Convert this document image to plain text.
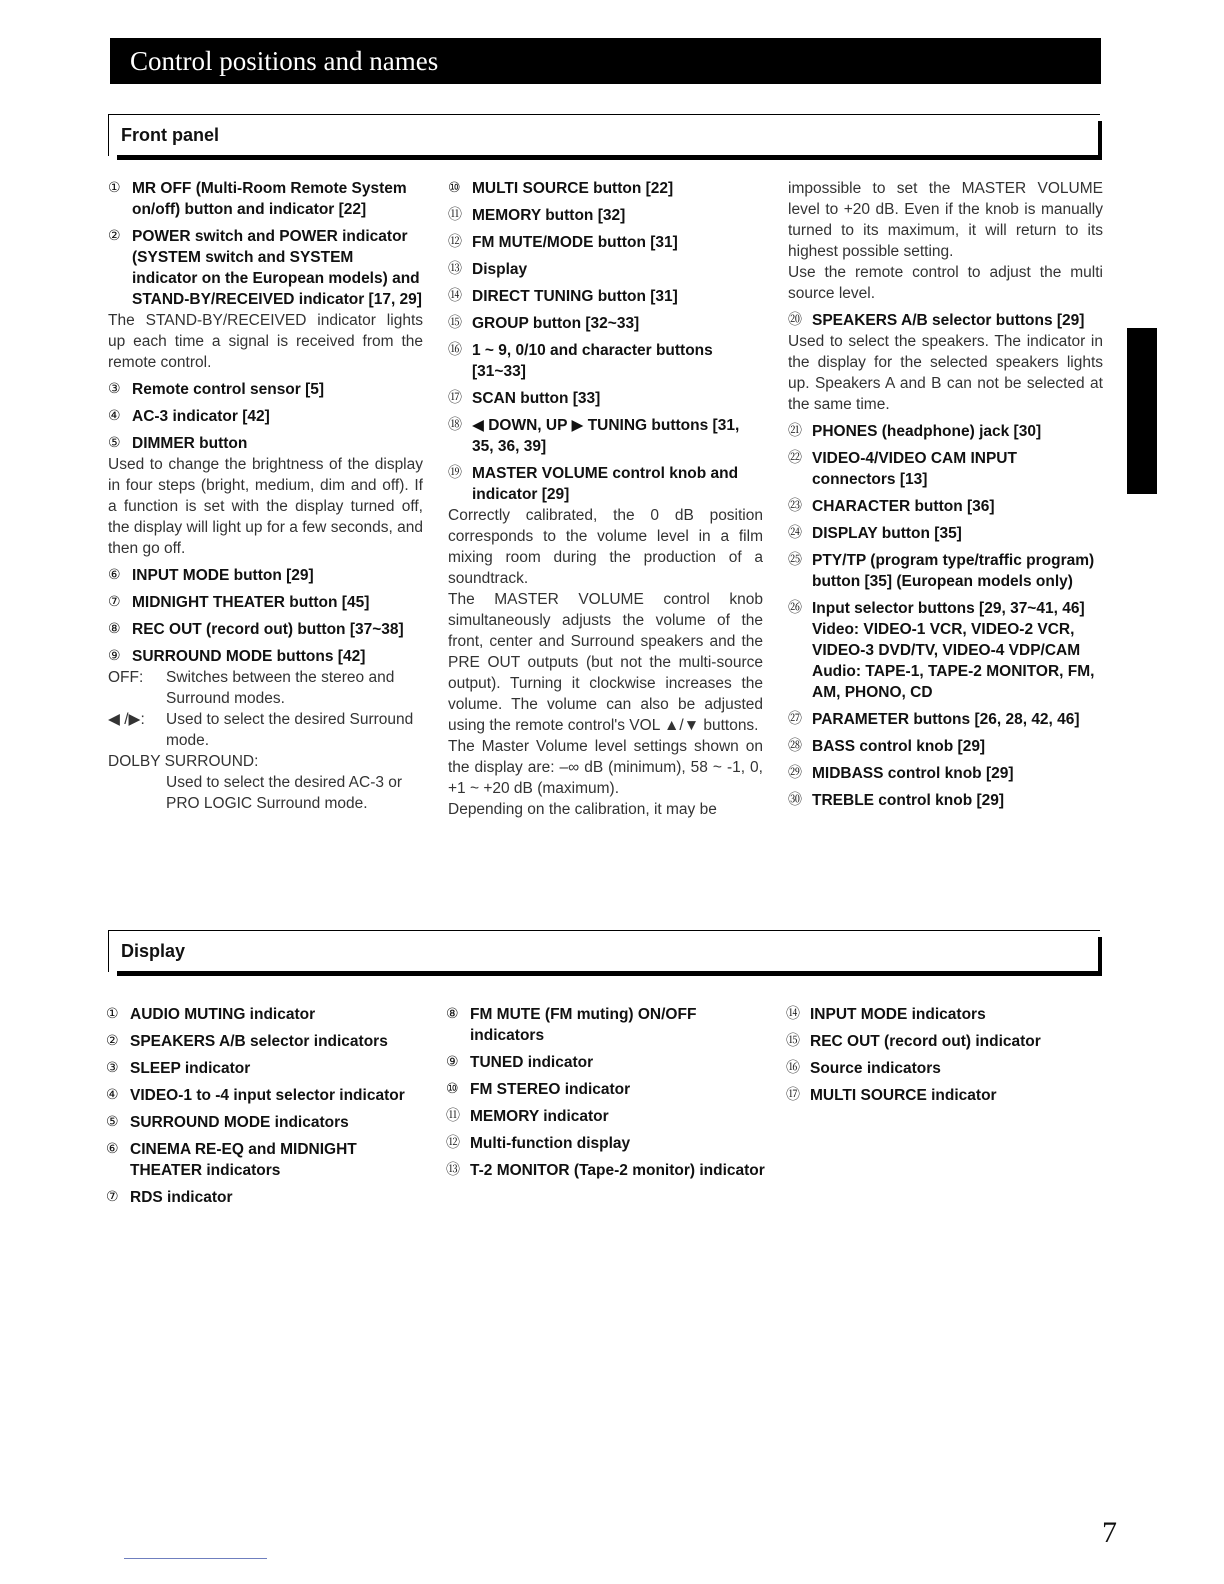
Control positions and names
Front panel
① MR OFF (Multi-Room Remote System on/off) button and indicator [22]
② POWER switch and POWER indicator (SYSTEM switch and SYSTEM indicator on the European models) and STAND-BY/RECEIVED indicator [17, 29]
The STAND-BY/RECEIVED indicator lights up each time a signal is received from the remote control.
③ Remote control sensor [5]
④ AC-3 indicator [42]
⑤ DIMMER button
Used to change the brightness of the display in four steps (bright, medium, dim and off). If a function is set with the display turned off, the display will light up for a few seconds, and then go off.
⑥ INPUT MODE button [29]
⑦ MIDNIGHT THEATER button [45]
⑧ REC OUT (record out) button [37~38]
⑨ SURROUND MODE buttons [42]
OFF:	Switches between the stereo and Surround modes.
◀ /▶:	Used to select the desired Surround mode.
DOLBY SURROUND:
Used to select the desired AC-3 or PRO LOGIC Surround mode.
⑩ MULTI SOURCE button [22]
⑪ MEMORY button [32]
⑫ FM MUTE/MODE button [31]
⑬ Display
⑭ DIRECT TUNING button [31]
⑮ GROUP button [32~33]
⑯ 1 ~ 9, 0/10 and character buttons [31~33]
⑰ SCAN button [33]
⑱ ◀ DOWN, UP ▶ TUNING buttons [31, 35, 36, 39]
⑲ MASTER VOLUME control knob and indicator [29]
Correctly calibrated, the 0 dB position corresponds to the volume level in a film mixing room during the production of a soundtrack.
The MASTER VOLUME control knob simultaneously adjusts the volume of the front, center and Surround speakers and the PRE OUT outputs (but not the multi-source output). Turning it clockwise increases the volume. The volume can also be adjusted using the remote control's VOL ▲/▼ buttons.
The Master Volume level settings shown on the display are: –∞ dB (minimum), 58 ~ -1, 0, +1 ~ +20 dB (maximum).
Depending on the calibration, it may be
impossible to set the MASTER VOLUME level to +20 dB. Even if the knob is manually turned to its maximum, it will return to its highest possible setting.
Use the remote control to adjust the multi source level.
⑳ SPEAKERS A/B selector buttons [29]
Used to select the speakers. The indicator in the display for the selected speakers lights up. Speakers A and B can not be selected at the same time.
㉑ PHONES (headphone) jack [30]
㉒ VIDEO-4/VIDEO CAM INPUT connectors [13]
㉓ CHARACTER button [36]
㉔ DISPLAY button [35]
㉕ PTY/TP (program type/traffic program) button [35] (European models only)
㉖ Input selector buttons [29, 37~41, 46] Video: VIDEO-1 VCR, VIDEO-2 VCR, VIDEO-3 DVD/TV, VIDEO-4 VDP/CAM Audio: TAPE-1, TAPE-2 MONITOR, FM, AM, PHONO, CD
㉗ PARAMETER buttons [26, 28, 42, 46]
㉘ BASS control knob [29]
㉙ MIDBASS control knob [29]
㉚ TREBLE control knob [29]
Display
① AUDIO MUTING indicator
② SPEAKERS A/B selector indicators
③ SLEEP indicator
④ VIDEO-1 to -4 input selector indicator
⑤ SURROUND MODE indicators
⑥ CINEMA RE-EQ and MIDNIGHT THEATER indicators
⑦ RDS indicator
⑧ FM MUTE (FM muting) ON/OFF indicators
⑨ TUNED indicator
⑩ FM STEREO indicator
⑪ MEMORY indicator
⑫ Multi-function display
⑬ T-2 MONITOR (Tape-2 monitor) indicator
⑭ INPUT MODE indicators
⑮ REC OUT (record out) indicator
⑯ Source indicators
⑰ MULTI SOURCE indicator
7
